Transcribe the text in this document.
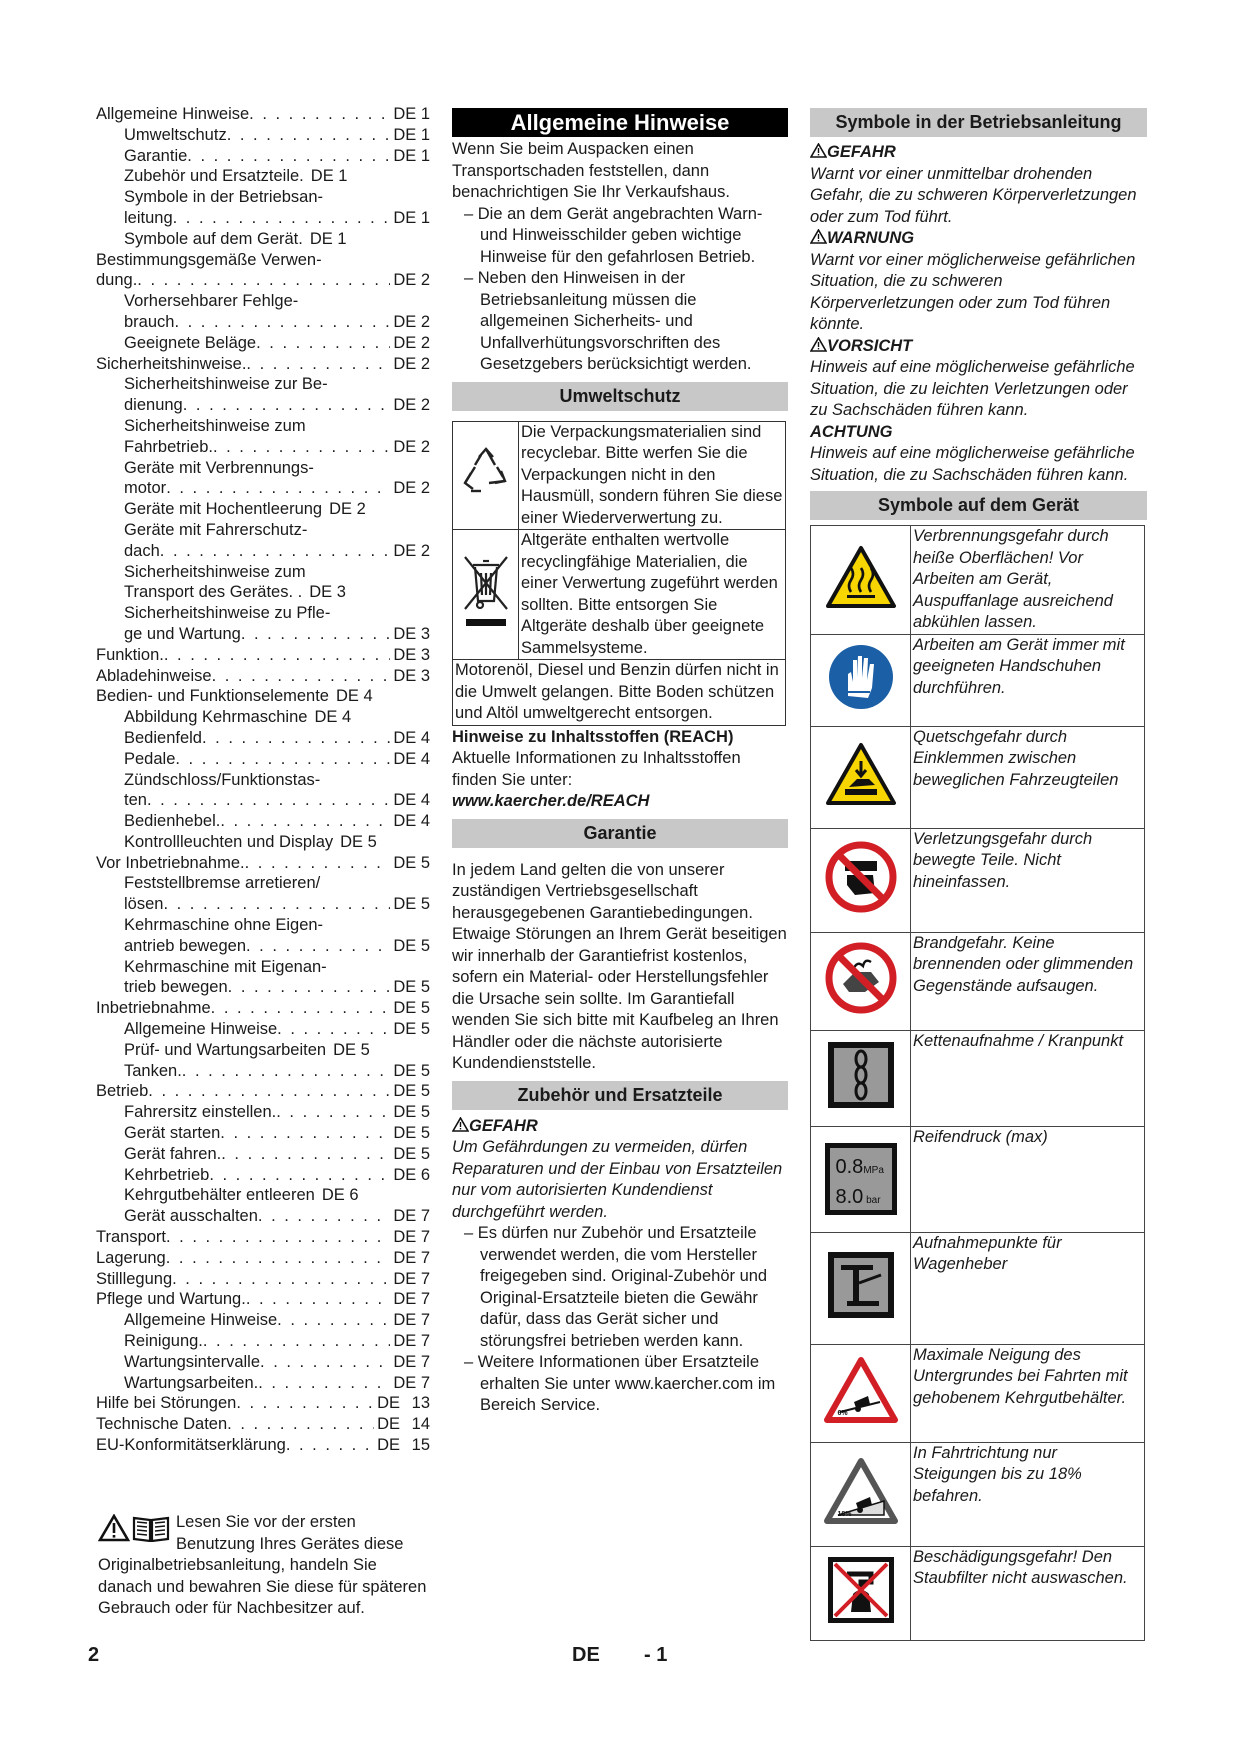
Allgemeine Hinweise . . .	DE 1
Umweltschutz . . .	DE 1
Garantie . . .	DE 1
Zubehör und Ersatzteile. DE 1
Symbole in der Betriebsan-
leitung . . .	DE 1
Symbole auf dem Gerät. DE 1
Bestimmungsgemäße Verwen-
dung. . . .	DE 2
Vorhersehbarer Fehlge-
brauch . . .	DE 2
Geeignete Beläge . . .	DE 2
Sicherheitshinweise. . . .	DE 2
Sicherheitshinweise zur Be-
dienung . . .	DE 2
Sicherheitshinweise zum
Fahrbetrieb. . . .	DE 2
Geräte mit Verbrennungs-
motor . . .	DE 2
Geräte mit Hochentleerung DE 2
Geräte mit Fahrerschutz-
dach . . .	DE 2
Sicherheitshinweise zum
Transport des Gerätes. . DE 3
Sicherheitshinweise zu Pfle-
ge und Wartung . . .	DE 3
Funktion. . . .	DE 3
Abladehinweise . . .	DE 3
Bedien- und Funktionselemente DE 4
Abbildung Kehrmaschine DE 4
Bedienfeld . . .	DE 4
Pedale . . .	DE 4
Zündschloss/Funktionstas-
ten . . .	DE 4
Bedienhebel. . . .	DE 4
Kontrollleuchten und Display DE 5
Vor Inbetriebnahme. . . .	DE 5
Feststellbremse arretieren/
lösen . . .	DE 5
Kehrmaschine ohne Eigen-
antrieb bewegen . . .	DE 5
Kehrmaschine mit Eigenan-
trieb bewegen . . .	DE 5
Inbetriebnahme . . .	DE 5
Allgemeine Hinweise . . .	DE 5
Prüf- und Wartungsarbeiten DE 5
Tanken. . . .	DE 5
Betrieb . . .	DE 5
Fahrersitz einstellen. . . .	DE 5
Gerät starten . . .	DE 5
Gerät fahren. . . .	DE 5
Kehrbetrieb . . .	DE 6
Kehrgutbehälter entleeren DE 6
Gerät ausschalten . . .	DE 7
Transport . . .	DE 7
Lagerung . . .	DE 7
Stilllegung . . .	DE 7
Pflege und Wartung. . . .	DE 7
Allgemeine Hinweise . . .	DE 7
Reinigung. . . .	DE 7
Wartungsintervalle . . .	DE 7
Wartungsarbeiten. . . .	DE 7
Hilfe bei Störungen . . .	DE 13
Technische Daten . . .	DE 14
EU-Konformitätserklärung . . .	DE 15
Lesen Sie vor der ersten Benutzung Ihres Gerätes diese Originalbetriebsanleitung, handeln Sie danach und bewahren Sie diese für späteren Gebrauch oder für Nachbesitzer auf.
Allgemeine Hinweise
Wenn Sie beim Auspacken einen Transportschaden feststellen, dann benachrichtigen Sie Ihr Verkaufshaus.
– Die an dem Gerät angebrachten Warn- und Hinweisschilder geben wichtige Hinweise für den gefahrlosen Betrieb.
– Neben den Hinweisen in der Betriebsanleitung müssen die allgemeinen Sicherheits- und Unfallverhütungsvorschriften des Gesetzgebers berücksichtigt werden.
Umweltschutz
	Die Verpackungsmaterialien sind recyclebar. Bitte werfen Sie die Verpackungen nicht in den Hausmüll, sondern führen Sie diese einer Wiederverwertung zu.
	Altgeräte enthalten wertvolle recyclingfähige Materialien, die einer Verwertung zugeführt werden sollten. Bitte entsorgen Sie Altgeräte deshalb über geeignete Sammelsysteme.
Motorenöl, Diesel und Benzin dürfen nicht in die Umwelt gelangen. Bitte Boden schützen und Altöl umweltgerecht entsorgen.	
Hinweise zu Inhaltsstoffen (REACH)
Aktuelle Informationen zu Inhaltsstoffen finden Sie unter:
www.kaercher.de/REACH
Garantie
In jedem Land gelten die von unserer zuständigen Vertriebsgesellschaft herausgegebenen Garantiebedingungen. Etwaige Störungen an Ihrem Gerät beseitigen wir innerhalb der Garantiefrist kostenlos, sofern ein Material- oder Herstellungsfehler die Ursache sein sollte. Im Garantiefall wenden Sie sich bitte mit Kaufbeleg an Ihren Händler oder die nächste autorisierte Kundendienststelle.
Zubehör und Ersatzteile
GEFAHR
Um Gefährdungen zu vermeiden, dürfen Reparaturen und der Einbau von Ersatzteilen nur vom autorisierten Kundendienst durchgeführt werden.
– Es dürfen nur Zubehör und Ersatzteile verwendet werden, die vom Hersteller freigegeben sind. Original-Zubehör und Original-Ersatzteile bieten die Gewähr dafür, dass das Gerät sicher und störungsfrei betrieben werden kann.
– Weitere Informationen über Ersatzteile erhalten Sie unter www.kaercher.com im Bereich Service.
Symbole in der Betriebsanleitung
GEFAHR
Warnt vor einer unmittelbar drohenden Gefahr, die zu schweren Körperverletzungen oder zum Tod führt.
WARNUNG
Warnt vor einer möglicherweise gefährlichen Situation, die zu schweren Körperverletzungen oder zum Tod führen könnte.
VORSICHT
Hinweis auf eine möglicherweise gefährliche Situation, die zu leichten Verletzungen oder zu Sachschäden führen kann.
ACHTUNG
Hinweis auf eine möglicherweise gefährliche Situation, die zu Sachschäden führen kann.
Symbole auf dem Gerät
	Verbrennungsgefahr durch heiße Oberflächen! Vor Arbeiten am Gerät, Auspuffanlage ausreichend abkühlen lassen.
	Arbeiten am Gerät immer mit geeigneten Handschuhen durchführen.
	Quetschgefahr durch Einklemmen zwischen beweglichen Fahrzeugteilen
	Verletzungsgefahr durch bewegte Teile. Nicht hineinfassen.
	Brandgefahr. Keine brennenden oder glimmenden Gegenstände aufsaugen.
	Kettenaufnahme / Kranpunkt

0.8MPa
8.0 bar	Reifendruck (max)
	Aufnahmepunkte für Wagenheber

6%	Maximale Neigung des Untergrundes bei Fahrten mit gehobenem Kehrgutbehälter.

18%	In Fahrtrichtung nur Steigungen bis zu 18% befahren.
	Beschädigungsgefahr! Den Staubfilter nicht auswaschen.
2	DE - 1
